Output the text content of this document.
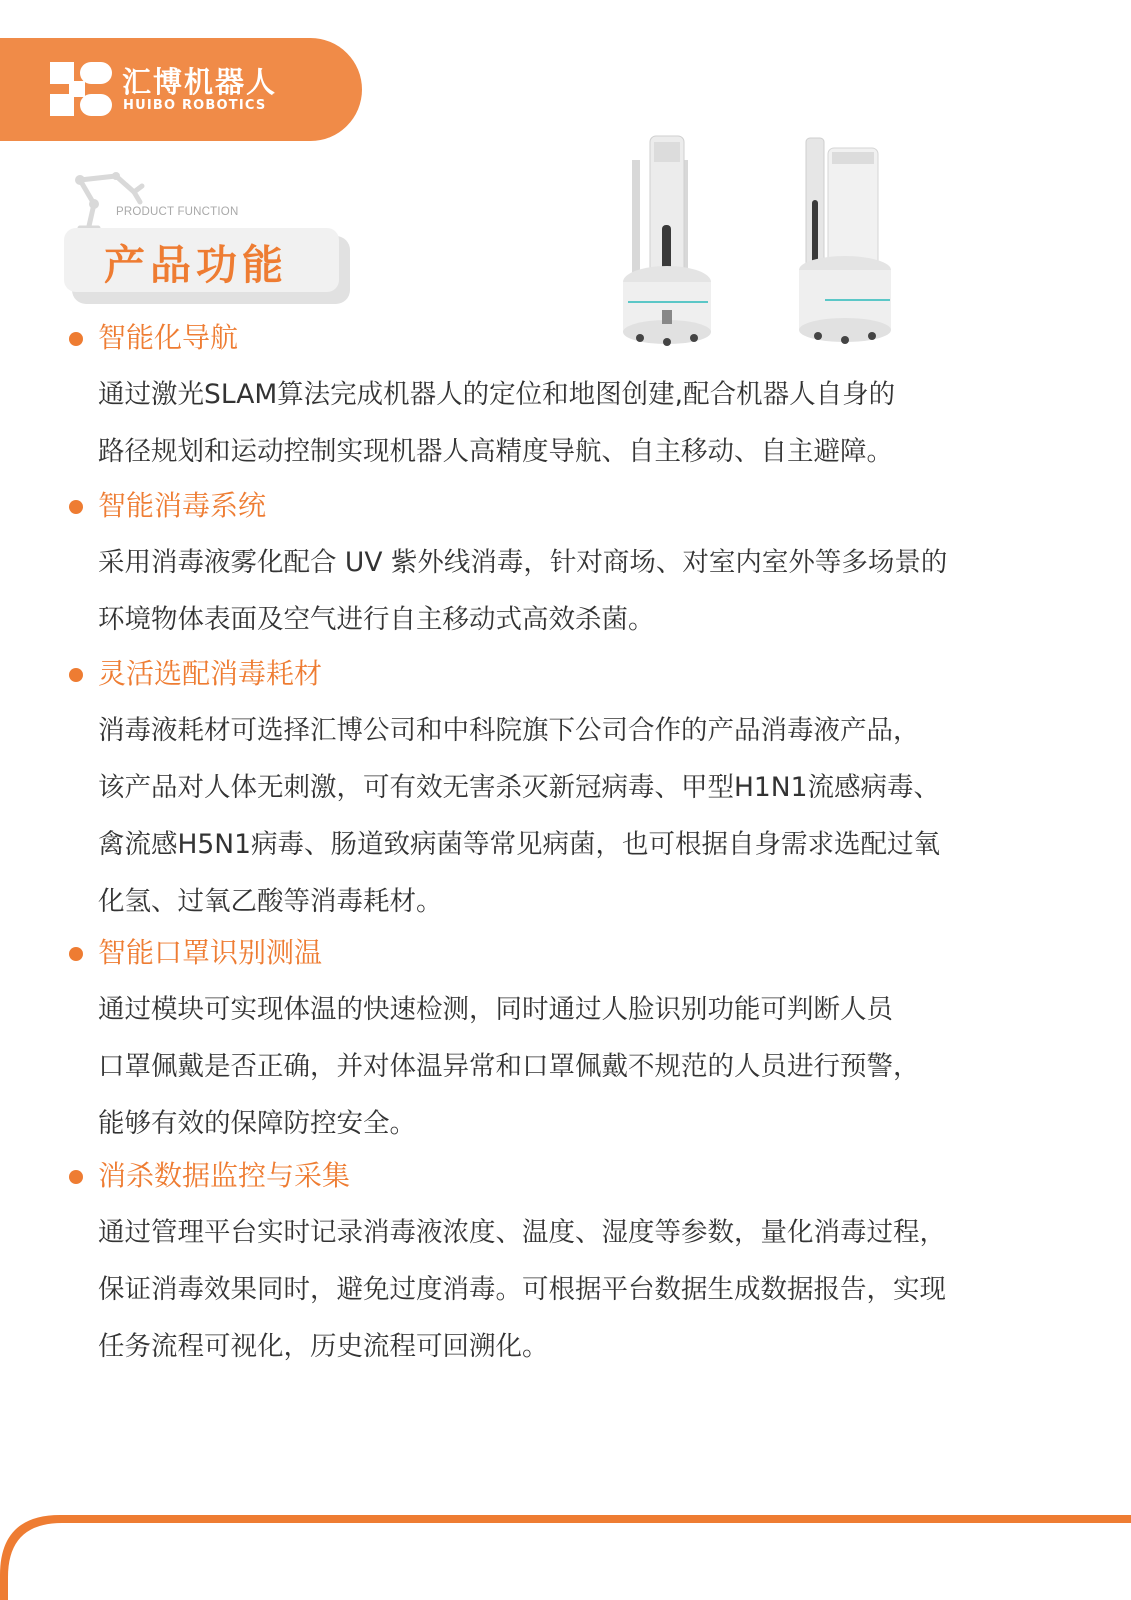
汇博机器人
HUIBO ROBOTICS
PRODUCT FUNCTION
产品功能
智能化导航
通过激光SLAM算法完成机器人的定位和地图创建,配合机器人自身的
路径规划和运动控制实现机器人高精度导航、自主移动、自主避障。
智能消毒系统
采用消毒液雾化配合 UV 紫外线消毒，针对商场、对室内室外等多场景的
环境物体表面及空气进行自主移动式高效杀菌。
灵活选配消毒耗材
消毒液耗材可选择汇博公司和中科院旗下公司合作的产品消毒液产品，
该产品对人体无刺激，可有效无害杀灭新冠病毒、甲型H1N1流感病毒、
禽流感H5N1病毒、肠道致病菌等常见病菌，也可根据自身需求选配过氧
化氢、过氧乙酸等消毒耗材。
智能口罩识别测温
通过模块可实现体温的快速检测，同时通过人脸识别功能可判断人员
口罩佩戴是否正确，并对体温异常和口罩佩戴不规范的人员进行预警，
能够有效的保障防控安全。
消杀数据监控与采集
通过管理平台实时记录消毒液浓度、温度、湿度等参数，量化消毒过程，
保证消毒效果同时，避免过度消毒。可根据平台数据生成数据报告，实现
任务流程可视化，历史流程可回溯化。
